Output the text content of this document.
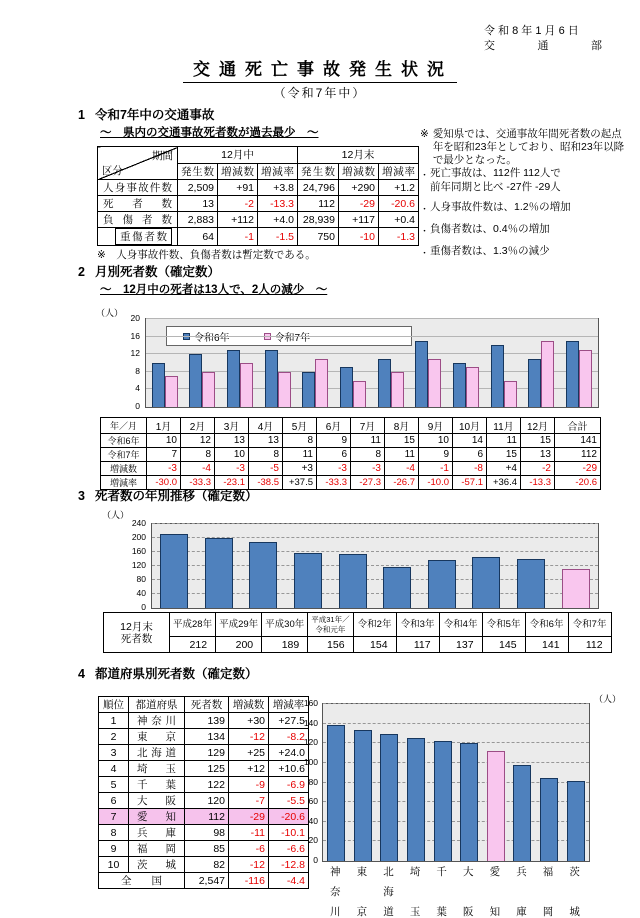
令 和 8 年 1 月 6 日
交	通	部
交通死亡事故発生状況
（令和7年中）
1 令和7年中の交通事故
～　県内の交通事故死者数が過去最少　～
期間
区分	12月中			12月末		
	発生数	増減数	増減率	発生数	増減数	増減率
人身事故件数	2,509	+91	+3.8	24,796	+290	+1.2
死者数	13	-2	-13.3	112	-29	-20.6
負傷者数	2,883	+112	+4.0	28,939	+117	+0.4

重傷者数	64	-1	-1.5	750	-10	-1.3
※　人身事故件数、負傷者数は暫定数である。
※ 愛知県では、交通事故年間死者数の起点年を昭和23年としており、昭和23年以降で最少となった。
・ 死亡事故は、112件 112人で
前年同期と比べ -27件 -29人
・ 人身事故件数は、1.2％の増加
・ 負傷者数は、0.4％の増加
・ 重傷者数は、1.3％の減少
2 月別死者数（確定数）
～　12月中の死者は13人で、2人の減少　～
（人）
0
4
8
12
16
20
令和6年	令和7年
年／月	1月	2月	3月	4月	5月	6月	7月	8月	9月	10月	11月	12月	合計
令和6年	10	12	13	13	8	9	11	15	10	14	11	15	141
令和7年	7	8	10	8	11	6	8	11	9	6	15	13	112
増減数	-3	-4	-3	-5	+3	-3	-3	-4	-1	-8	+4	-2	-29
増減率	-30.0	-33.3	-23.1	-38.5	+37.5	-33.3	-27.3	-26.7	-10.0	-57.1	+36.4	-13.3	-20.6
3 死者数の年別推移（確定数）
（人）
0
40
80
120
160
200
240
12月末
死者数	平成28年	平成29年	平成30年	平成31年／
令和元年	令和2年	令和3年	令和4年	令和5年	令和6年	令和7年
	212	200	189	156	154	117	137	145	141	112
4 都道府県別死者数（確定数）
順位	都道府県	死者数	増減数	増減率
1	神奈川	139	+30	+27.5
2	東京	134	-12	-8.2
3	北海道	129	+25	+24.0
4	埼玉	125	+12	+10.6
5	千葉	122	-9	-6.9
6	大阪	120	-7	-5.5
7	愛知	112	-29	-20.6
8	兵庫	98	-11	-10.1
9	福岡	85	-6	-6.6
10	茨城	82	-12	-12.8
全国		2,547	-116	-4.4
（人）
0
20
40
60
80
100
120
140
160
神
奈
川
東
京
北
海
道
埼
玉
千
葉
大
阪
愛
知
兵
庫
福
岡
茨
城
